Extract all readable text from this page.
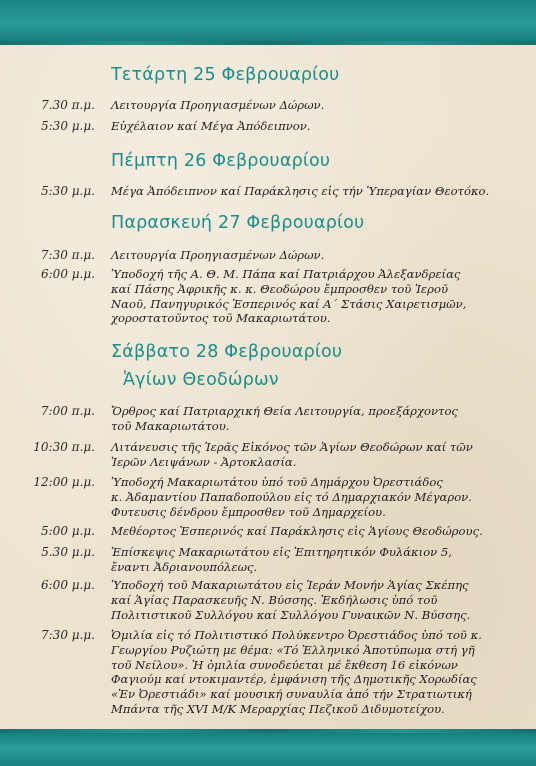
Τετάρτη 25 Φεβρουαρίου
7.30 π.μ. Λειτουργία Προηγιασμένων Δώρων.
5:30 μ.μ. Εὐχέλαιον καί Μέγα Ἀπόδειπνον.
Πέμπτη 26 Φεβρουαρίου
5:30 μ.μ. Μέγα Ἀπόδειπνον καί Παράκλησις εἰς τήν Ὑπεραγίαν Θεοτόκο.
Παρασκευή 27 Φεβρουαρίου
7:30 π.μ. Λειτουργία Προηγιασμένων Δώρων.
6:00 μ.μ. Ὑποδοχή τῆς Α. Θ. Μ. Πάπα καί Πατριάρχου Ἀλεξανδρείας
καί Πάσης Ἀφρικῆς κ. κ. Θεοδώρου ἔμπροσθεν τοῦ Ἱεροῦ
Ναοῦ, Πανηγυρικός Ἑσπερινός καί Α΄ Στάσις Χαιρετισμῶν,
χοροστατοῦντος τοῦ Μακαριωτάτου.
Σάββατο 28 Φεβρουαρίου
Ἁγίων Θεοδώρων
7:00 π.μ. Ὄρθρος καί Πατριαρχική Θεία Λειτουργία, προεξάρχοντος
τοῦ Μακαριωτάτου.
10:30 π.μ. Λιτάνευσις τῆς Ἱερᾶς Εἰκόνος τῶν Ἁγίων Θεοδώρων καί τῶν
Ἱερῶν Λειψάνων - Ἀρτοκλασία.
12:00 μ.μ. Ὑποδοχή Μακαριωτάτου ὑπό τοῦ Δημάρχου Ὀρεστιάδος
κ. Ἀδαμαντίου Παπαδοπούλου εἰς τό Δημαρχιακόν Μέγαρον.
Φυτευσις δένδρου ἔμπροσθεν τοῦ Δημαρχείου.
5:00 μ.μ. Μεθέορτος Ἑσπερινός καί Παράκλησις εἰς Ἁγίους Θεοδώρους.
5.30 μ.μ. Ἐπίσκεψις Μακαριωτάτου εἰς Ἐπιτηρητικόν Φυλάκιον 5,
ἔναντι Ἀδριανουπόλεως.
6:00 μ.μ. Ὑποδοχή τοῦ Μακαριωτάτου εἰς Ἱεράν Μονήν Ἁγίας Σκέπης
καί Ἁγίας Παρασκευῆς Ν. Βύσσης. Ἐκδήλωσις ὑπό τοῦ
Πολιτιστικοῦ Συλλόγου καί Συλλόγου Γυναικῶν Ν. Βύσσης.
7:30 μ.μ. Ὁμιλία εἰς τό Πολιτιστικό Πολύκεντρο Ὀρεστιάδος ὑπό τοῦ κ.
Γεωργίου Ρυζιώτη με θέμα: «Τό Ἑλληνικό Ἀποτύπωμα στή γῆ
τοῦ Νείλου». Ἡ ὁμιλία συνοδεύεται μέ ἔκθεση 16 εἰκόνων
Φαγιούμ καί ντοκιμαντέρ, ἐμφάνιση τῆς Δημοτικῆς Χορωδίας
«Ἐν Ὀρεστιάδι» καί μουσική συναυλία ἀπό τήν Στρατιωτική
Μπάντα τῆς XVI Μ/Κ Μεραρχίας Πεζικοῦ Διδυμοτείχου.
